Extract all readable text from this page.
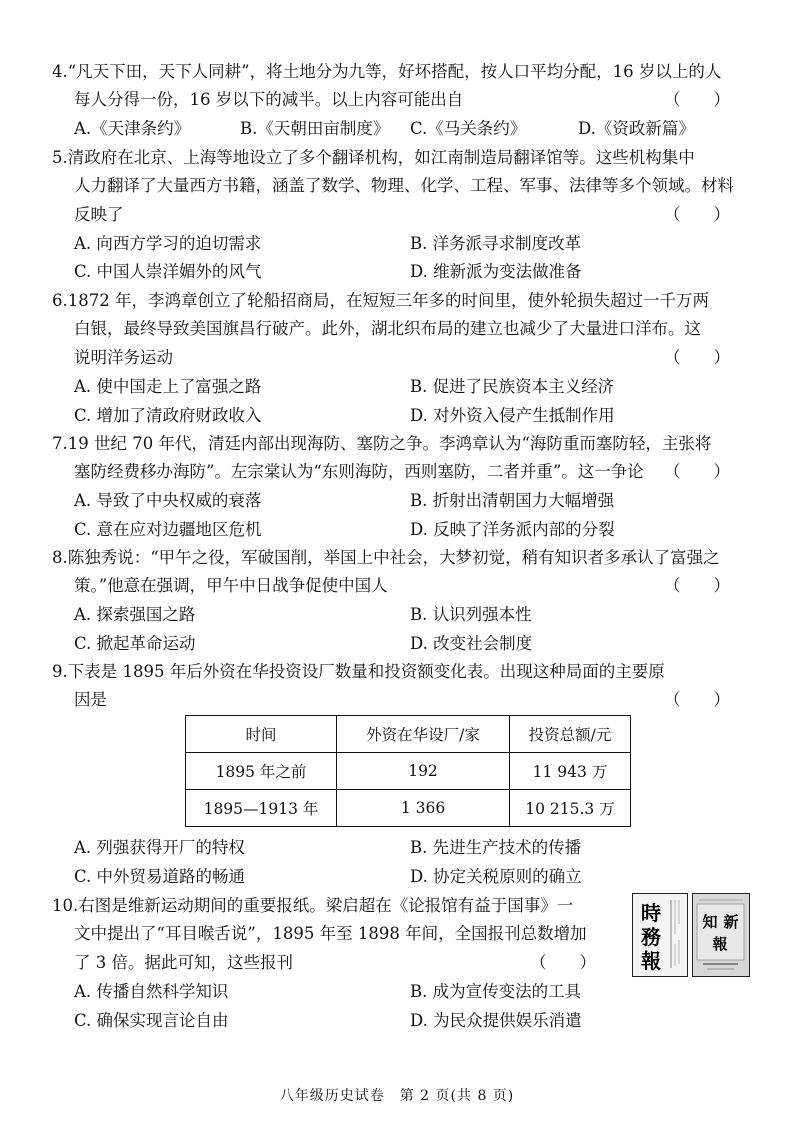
4.“凡天下田，天下人同耕”，将土地分为九等，好坏搭配，按人口平均分配，16 岁以上的人
每人分得一份，16 岁以下的减半。以上内容可能出自	（　　）
A.《天津条约》	B.《天朝田亩制度》 C.《马关条约》	D.《资政新篇》
5.清政府在北京、上海等地设立了多个翻译机构，如江南制造局翻译馆等。这些机构集中
人力翻译了大量西方书籍，涵盖了数学、物理、化学、工程、军事、法律等多个领域。材料
反映了	（　　）
A. 向西方学习的迫切需求	B. 洋务派寻求制度改革
C. 中国人崇洋媚外的风气	D. 维新派为变法做准备
6.1872 年，李鸿章创立了轮船招商局，在短短三年多的时间里，使外轮损失超过一千万两
白银，最终导致美国旗昌行破产。此外，湖北织布局的建立也减少了大量进口洋布。这
说明洋务运动	（　　）
A. 使中国走上了富强之路	B. 促进了民族资本主义经济
C. 增加了清政府财政收入	D. 对外资入侵产生抵制作用
7.19 世纪 70 年代，清廷内部出现海防、塞防之争。李鸿章认为“海防重而塞防轻，主张将
塞防经费移办海防”。左宗棠认为“东则海防，西则塞防，二者并重”。这一争论 （　　）
A. 导致了中央权威的衰落	B. 折射出清朝国力大幅增强
C. 意在应对边疆地区危机	D. 反映了洋务派内部的分裂
8.陈独秀说：“甲午之役，军破国削，举国上中社会，大梦初觉，稍有知识者多承认了富强之
策。”他意在强调，甲午中日战争促使中国人	（　　）
A. 探索强国之路	B. 认识列强本性
C. 掀起革命运动	D. 改变社会制度
9.下表是 1895 年后外资在华投资设厂数量和投资额变化表。出现这种局面的主要原
因是	（　　）
时间	外资在华设厂/家	投资总额/元
1895 年之前	192	11 943 万
1895—1913 年	1 366	10 215.3 万
A. 列强获得开厂的特权	B. 先进生产技术的传播
C. 中外贸易道路的畅通	D. 协定关税原则的确立
10.右图是维新运动期间的重要报纸。梁启超在《论报馆有益于国事》一
文中提出了“耳目喉舌说”，1895 年至 1898 年间，全国报刊总数增加
了 3 倍。据此可知，这些报刊	（　　）
A. 传播自然科学知识	B. 成为宣传变法的工具
C. 确保实现言论自由	D. 为民众提供娱乐消遣
時
務
報
知 新
報
八年级历史试卷　第 2 页(共 8 页)
